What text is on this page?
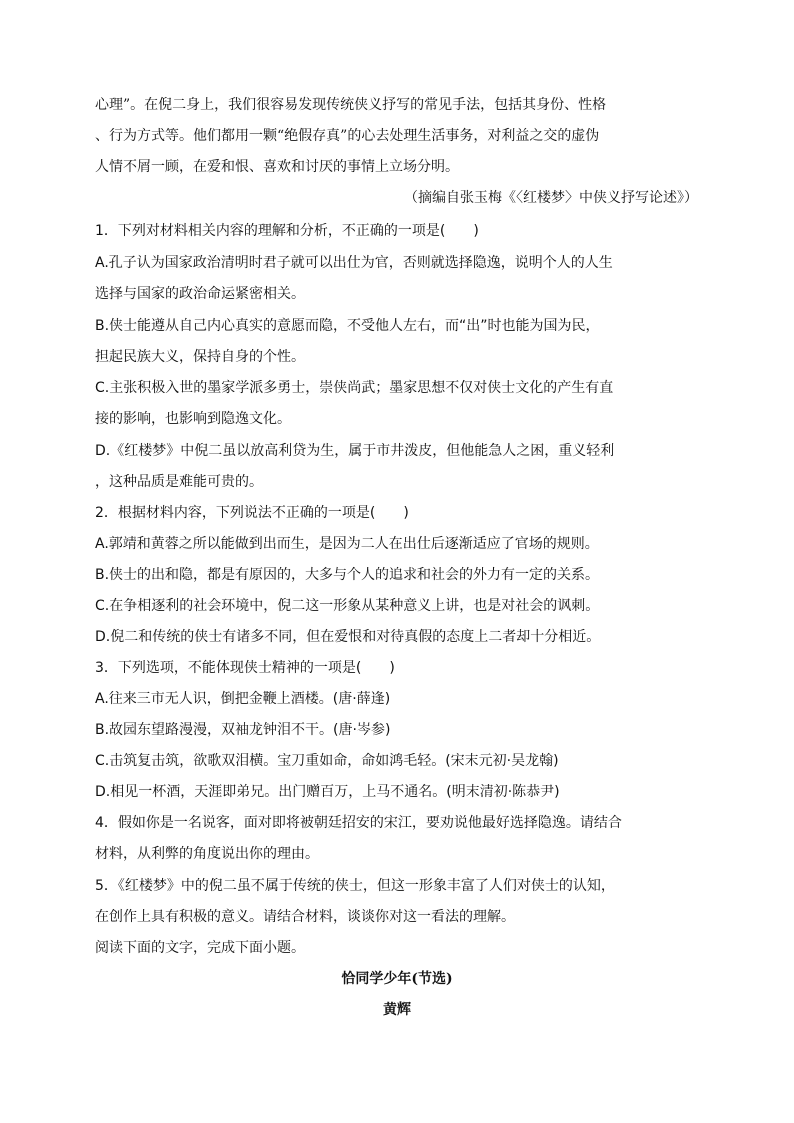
心理”。在倪二身上，我们很容易发现传统侠义抒写的常见手法，包括其身份、性格
、行为方式等。他们都用一颗“绝假存真”的心去处理生活事务，对利益之交的虚伪
人情不屑一顾，在爱和恨、喜欢和讨厌的事情上立场分明。
（摘编自张玉梅《〈红楼梦〉中侠义抒写论述》）
1．下列对材料相关内容的理解和分析，不正确的一项是(　　)
A.孔子认为国家政治清明时君子就可以出仕为官，否则就选择隐逸，说明个人的人生
选择与国家的政治命运紧密相关。
B.侠士能遵从自己内心真实的意愿而隐，不受他人左右，而“出”时也能为国为民，
担起民族大义，保持自身的个性。
C.主张积极入世的墨家学派多勇士，崇侠尚武；墨家思想不仅对侠士文化的产生有直
接的影响，也影响到隐逸文化。
D.《红楼梦》中倪二虽以放高利贷为生，属于市井泼皮，但他能急人之困，重义轻利
，这种品质是难能可贵的。
2．根据材料内容，下列说法不正确的一项是(　　)
A.郭靖和黄蓉之所以能做到出而生，是因为二人在出仕后逐渐适应了官场的规则。
B.侠士的出和隐，都是有原因的，大多与个人的追求和社会的外力有一定的关系。
C.在争相逐利的社会环境中，倪二这一形象从某种意义上讲，也是对社会的讽刺。
D.倪二和传统的侠士有诸多不同，但在爱恨和对待真假的态度上二者却十分相近。
3．下列选项，不能体现侠士精神的一项是(　　)
A.往来三市无人识，倒把金鞭上酒楼。(唐·薛逢)
B.故园东望路漫漫，双袖龙钟泪不干。(唐·岑参)
C.击筑复击筑，欲歌双泪横。宝刀重如命，命如鸿毛轻。(宋末元初·吴龙翰)
D.相见一杯酒，天涯即弟兄。出门赠百万，上马不通名。(明末清初·陈恭尹)
4．假如你是一名说客，面对即将被朝廷招安的宋江，要劝说他最好选择隐逸。请结合
材料，从利弊的角度说出你的理由。
5．《红楼梦》中的倪二虽不属于传统的侠士，但这一形象丰富了人们对侠士的认知，
在创作上具有积极的意义。请结合材料，谈谈你对这一看法的理解。
阅读下面的文字，完成下面小题。
恰同学少年(节选)
黄辉
